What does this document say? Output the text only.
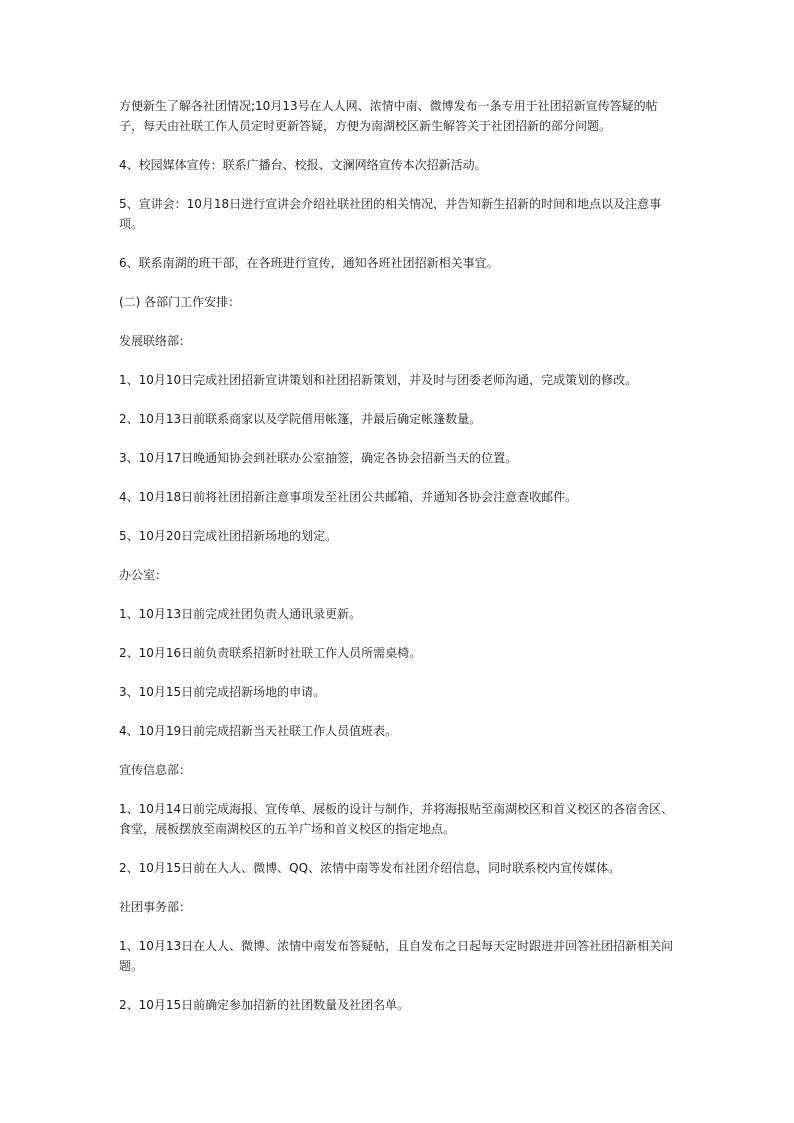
方便新生了解各社团情况;10月13号在人人网、浓情中南、微博发布一条专用于社团招新宣传答疑的帖子，每天由社联工作人员定时更新答疑，方便为南湖校区新生解答关于社团招新的部分问题。

4、校园媒体宣传：联系广播台、校报、文澜网络宣传本次招新活动。

5、宣讲会：10月18日进行宣讲会介绍社联社团的相关情况，并告知新生招新的时间和地点以及注意事项。

6、联系南湖的班干部，在各班进行宣传，通知各班社团招新相关事宜。

(二) 各部门工作安排：

发展联络部：

1、10月10日完成社团招新宣讲策划和社团招新策划，并及时与团委老师沟通，完成策划的修改。

2、10月13日前联系商家以及学院借用帐篷，并最后确定帐篷数量。

3、10月17日晚通知协会到社联办公室抽签，确定各协会招新当天的位置。

4、10月18日前将社团招新注意事项发至社团公共邮箱，并通知各协会注意查收邮件。

5、10月20日完成社团招新场地的划定。

办公室：

1、10月13日前完成社团负责人通讯录更新。

2、10月16日前负责联系招新时社联工作人员所需桌椅。

3、10月15日前完成招新场地的申请。

4、10月19日前完成招新当天社联工作人员值班表。

宣传信息部：

1、10月14日前完成海报、宣传单、展板的设计与制作，并将海报贴至南湖校区和首义校区的各宿舍区、食堂，展板摆放至南湖校区的五羊广场和首义校区的指定地点。

2、10月15日前在人人、微博、QQ、浓情中南等发布社团介绍信息，同时联系校内宣传媒体。

社团事务部：

1、10月13日在人人、微博、浓情中南发布答疑帖，且自发布之日起每天定时跟进并回答社团招新相关问题。

2、10月15日前确定参加招新的社团数量及社团名单。
